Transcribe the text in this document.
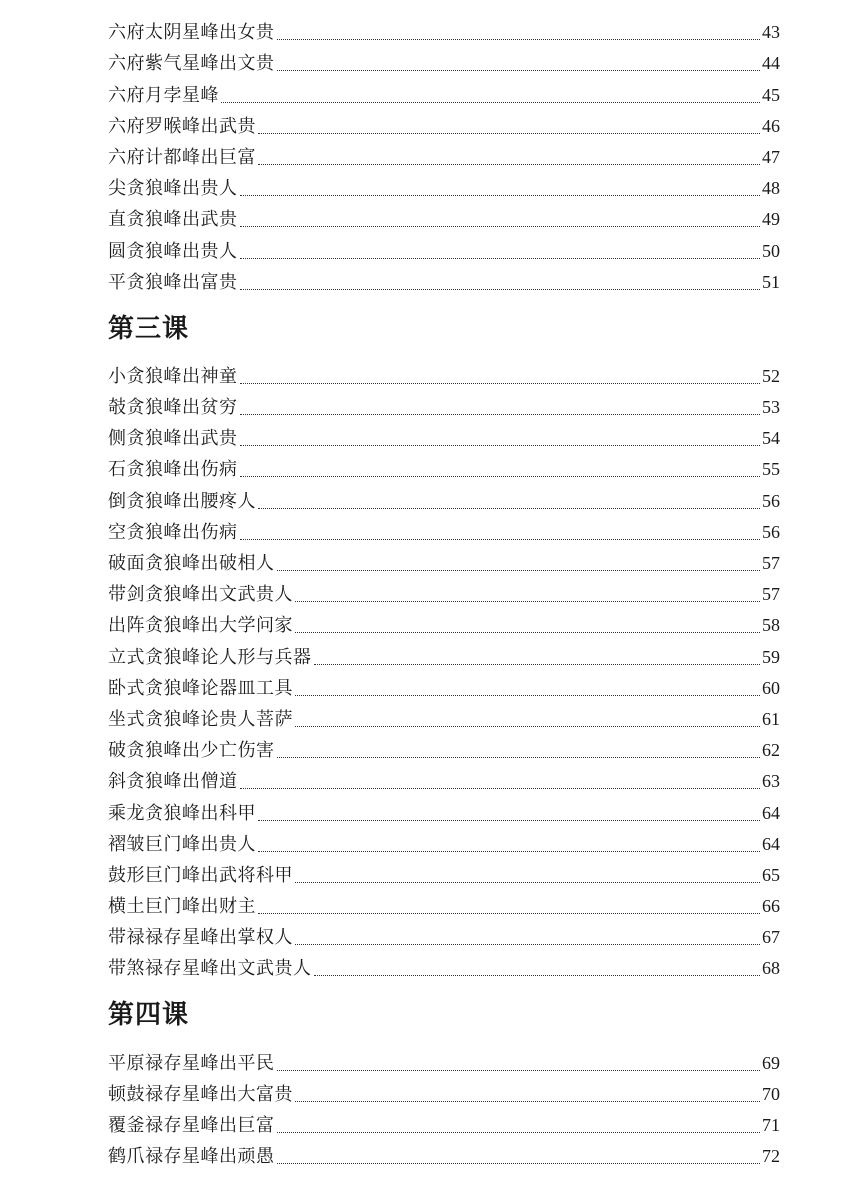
六府太阴星峰出女贵	43
六府紫气星峰出文贵	44
六府月孛星峰	45
六府罗喉峰出武贵	46
六府计都峰出巨富	47
尖贪狼峰出贵人	48
直贪狼峰出武贵	49
圆贪狼峰出贵人	50
平贪狼峰出富贵	51
第三课
小贪狼峰出神童	52
攲贪狼峰出贫穷	53
侧贪狼峰出武贵	54
石贪狼峰出伤病	55
倒贪狼峰出腰疼人	56
空贪狼峰出伤病	56
破面贪狼峰出破相人	57
带剑贪狼峰出文武贵人	57
出阵贪狼峰出大学问家	58
立式贪狼峰论人形与兵器	59
卧式贪狼峰论器皿工具	60
坐式贪狼峰论贵人菩萨	61
破贪狼峰出少亡伤害	62
斜贪狼峰出僧道	63
乘龙贪狼峰出科甲	64
褶皱巨门峰出贵人	64
鼓形巨门峰出武将科甲	65
横土巨门峰出财主	66
带禄禄存星峰出掌权人	67
带煞禄存星峰出文武贵人	68
第四课
平原禄存星峰出平民	69
顿鼓禄存星峰出大富贵	70
覆釜禄存星峰出巨富	71
鹤爪禄存星峰出顽愚	72
